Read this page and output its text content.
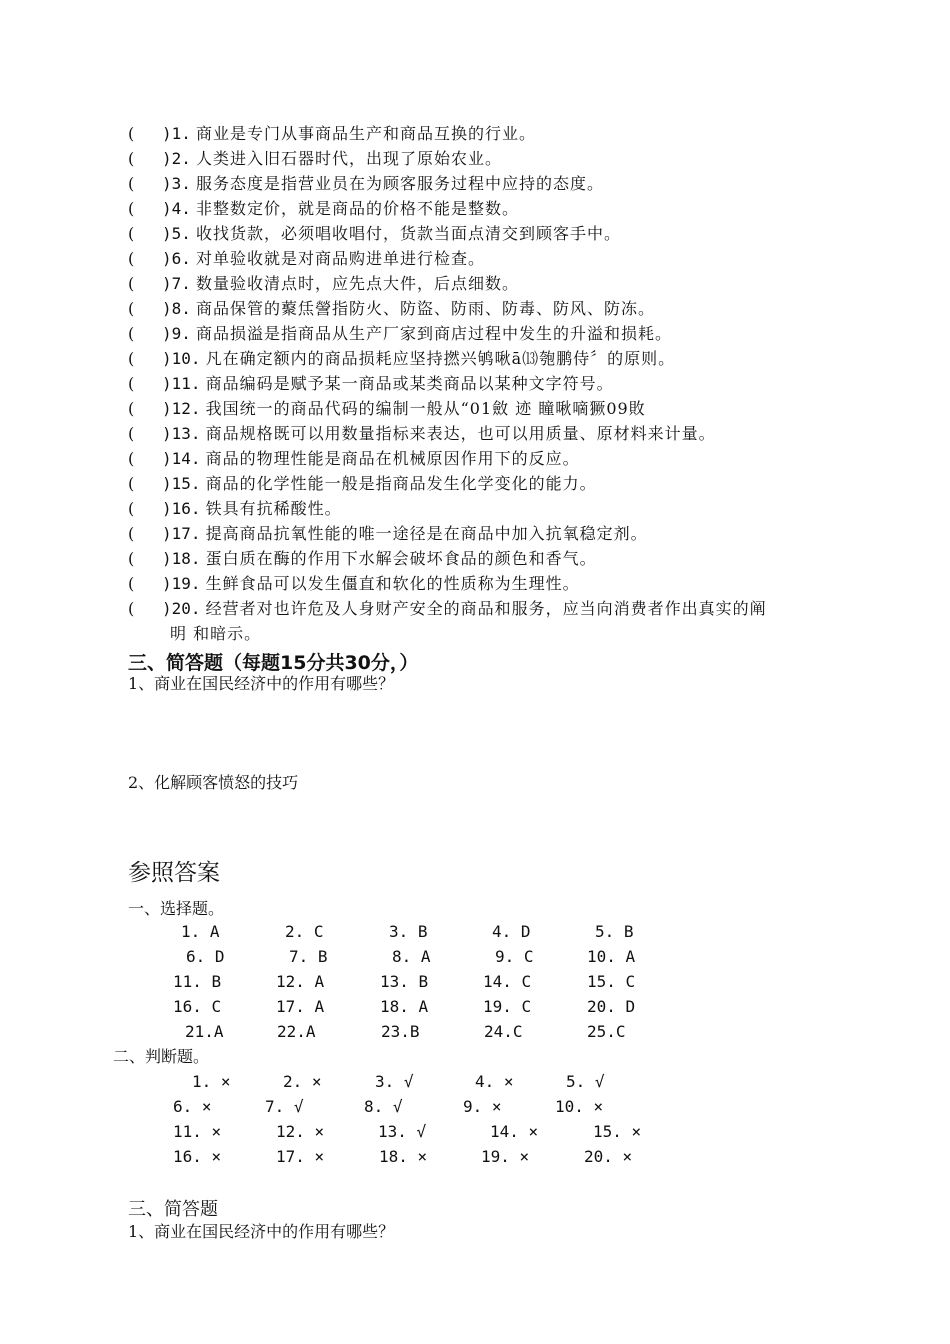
( )1. 商业是专门从事商品生产和商品互换的行业。
( )2. 人类进入旧石器时代，出现了原始农业。
( )3. 服务态度是指营业员在为顾客服务过程中应持的态度。
( )4. 非整数定价，就是商品的价格不能是整数。
( )5. 收找货款，必须唱收唱付，货款当面点清交到顾客手中。
( )6. 对单验收就是对商品购进单进行检查。
( )7. 数量验收清点时，应先点大件，后点细数。
( )8. 商品保管的藂㶵謍指防火、防盜、防雨、防毒、防风、防冻。
( )9. 商品损溢是指商品从生产厂家到商店过程中发生的升溢和损耗。
( )10. 凡在确定额内的商品损耗应坚持撚兴鸲啾ā⒀匏鹏侍〞的原则。
( )11. 商品编码是赋予某一商品或某类商品以某种文字符号。
( )12. 我国统一的商品代码的编制一般从“01斂 迹 瞳啾嘀獗09敗
( )13. 商品规格既可以用数量指标来表达，也可以用质量、原材料来计量。
( )14. 商品的物理性能是商品在机械原因作用下的反应。
( )15. 商品的化学性能一般是指商品发生化学变化的能力。
( )16. 铁具有抗稀酸性。
( )17. 提高商品抗氧性能的唯一途径是在商品中加入抗氧稳定剂。
( )18. 蛋白质在酶的作用下水解会破坏食品的颜色和香气。
( )19. 生鲜食品可以发生僵直和软化的性质称为生理性。
( )20. 经营者对也许危及人身财产安全的商品和服务，应当向消费者作出真实的阐
明 和暗示。
三、简答题（每题15分共30分，）
1、商业在国民经济中的作用有哪些？
2、化解顾客愤怒的技巧
参照答案
一、选择题。
1. A	2. C	3. B	4. D	5. B
6. D	7. B	8. A	9. C	10. A
11. B	12. A	13. B	14. C	15. C
16. C	17. A	18. A	19. C	20. D
21.A	22.A	23.B	24.C	25.C
二、判断题。
1. ×	2. ×	3. √	4. ×	5. √
6. ×	7. √	8. √	9. ×	10. ×
11. ×	12. ×	13. √	14. ×	15. ×
16. ×	17. ×	18. ×	19. ×	20. ×
三、简答题
1、商业在国民经济中的作用有哪些？
